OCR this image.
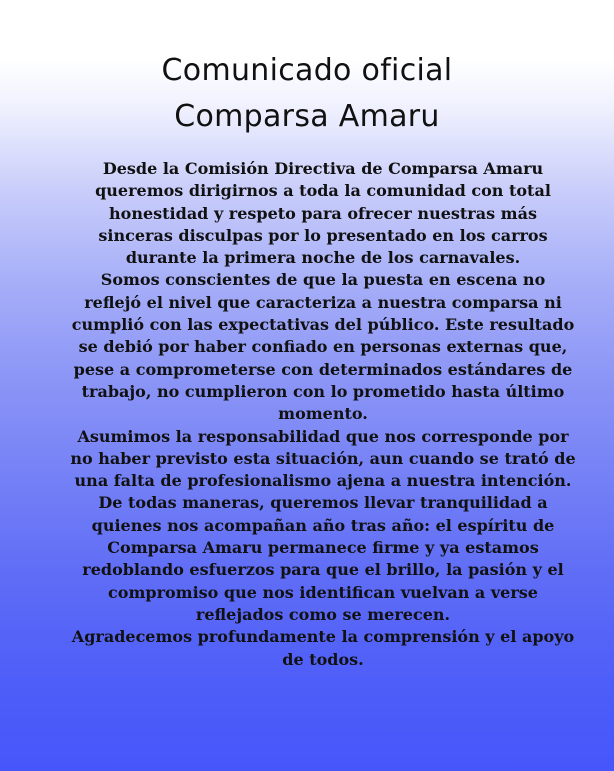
Comunicado oficial
Comparsa Amaru

Desde la Comisión Directiva de Comparsa Amaru queremos dirigirnos a toda la comunidad con total honestidad y respeto para ofrecer nuestras más sinceras disculpas por lo presentado en los carros durante la primera noche de los carnavales.

Somos conscientes de que la puesta en escena no reflejó el nivel que caracteriza a nuestra comparsa ni cumplió con las expectativas del público. Este resultado se debió por haber confiado en personas externas que, pese a comprometerse con determinados estándares de trabajo, no cumplieron con lo prometido hasta último momento.

Asumimos la responsabilidad que nos corresponde por no haber previsto esta situación, aun cuando se trató de una falta de profesionalismo ajena a nuestra intención. De todas maneras, queremos llevar tranquilidad a quienes nos acompañan año tras año: el espíritu de Comparsa Amaru permanece firme y ya estamos redoblando esfuerzos para que el brillo, la pasión y el compromiso que nos identifican vuelvan a verse reflejados como se merecen.

Agradecemos profundamente la comprensión y el apoyo de todos.
